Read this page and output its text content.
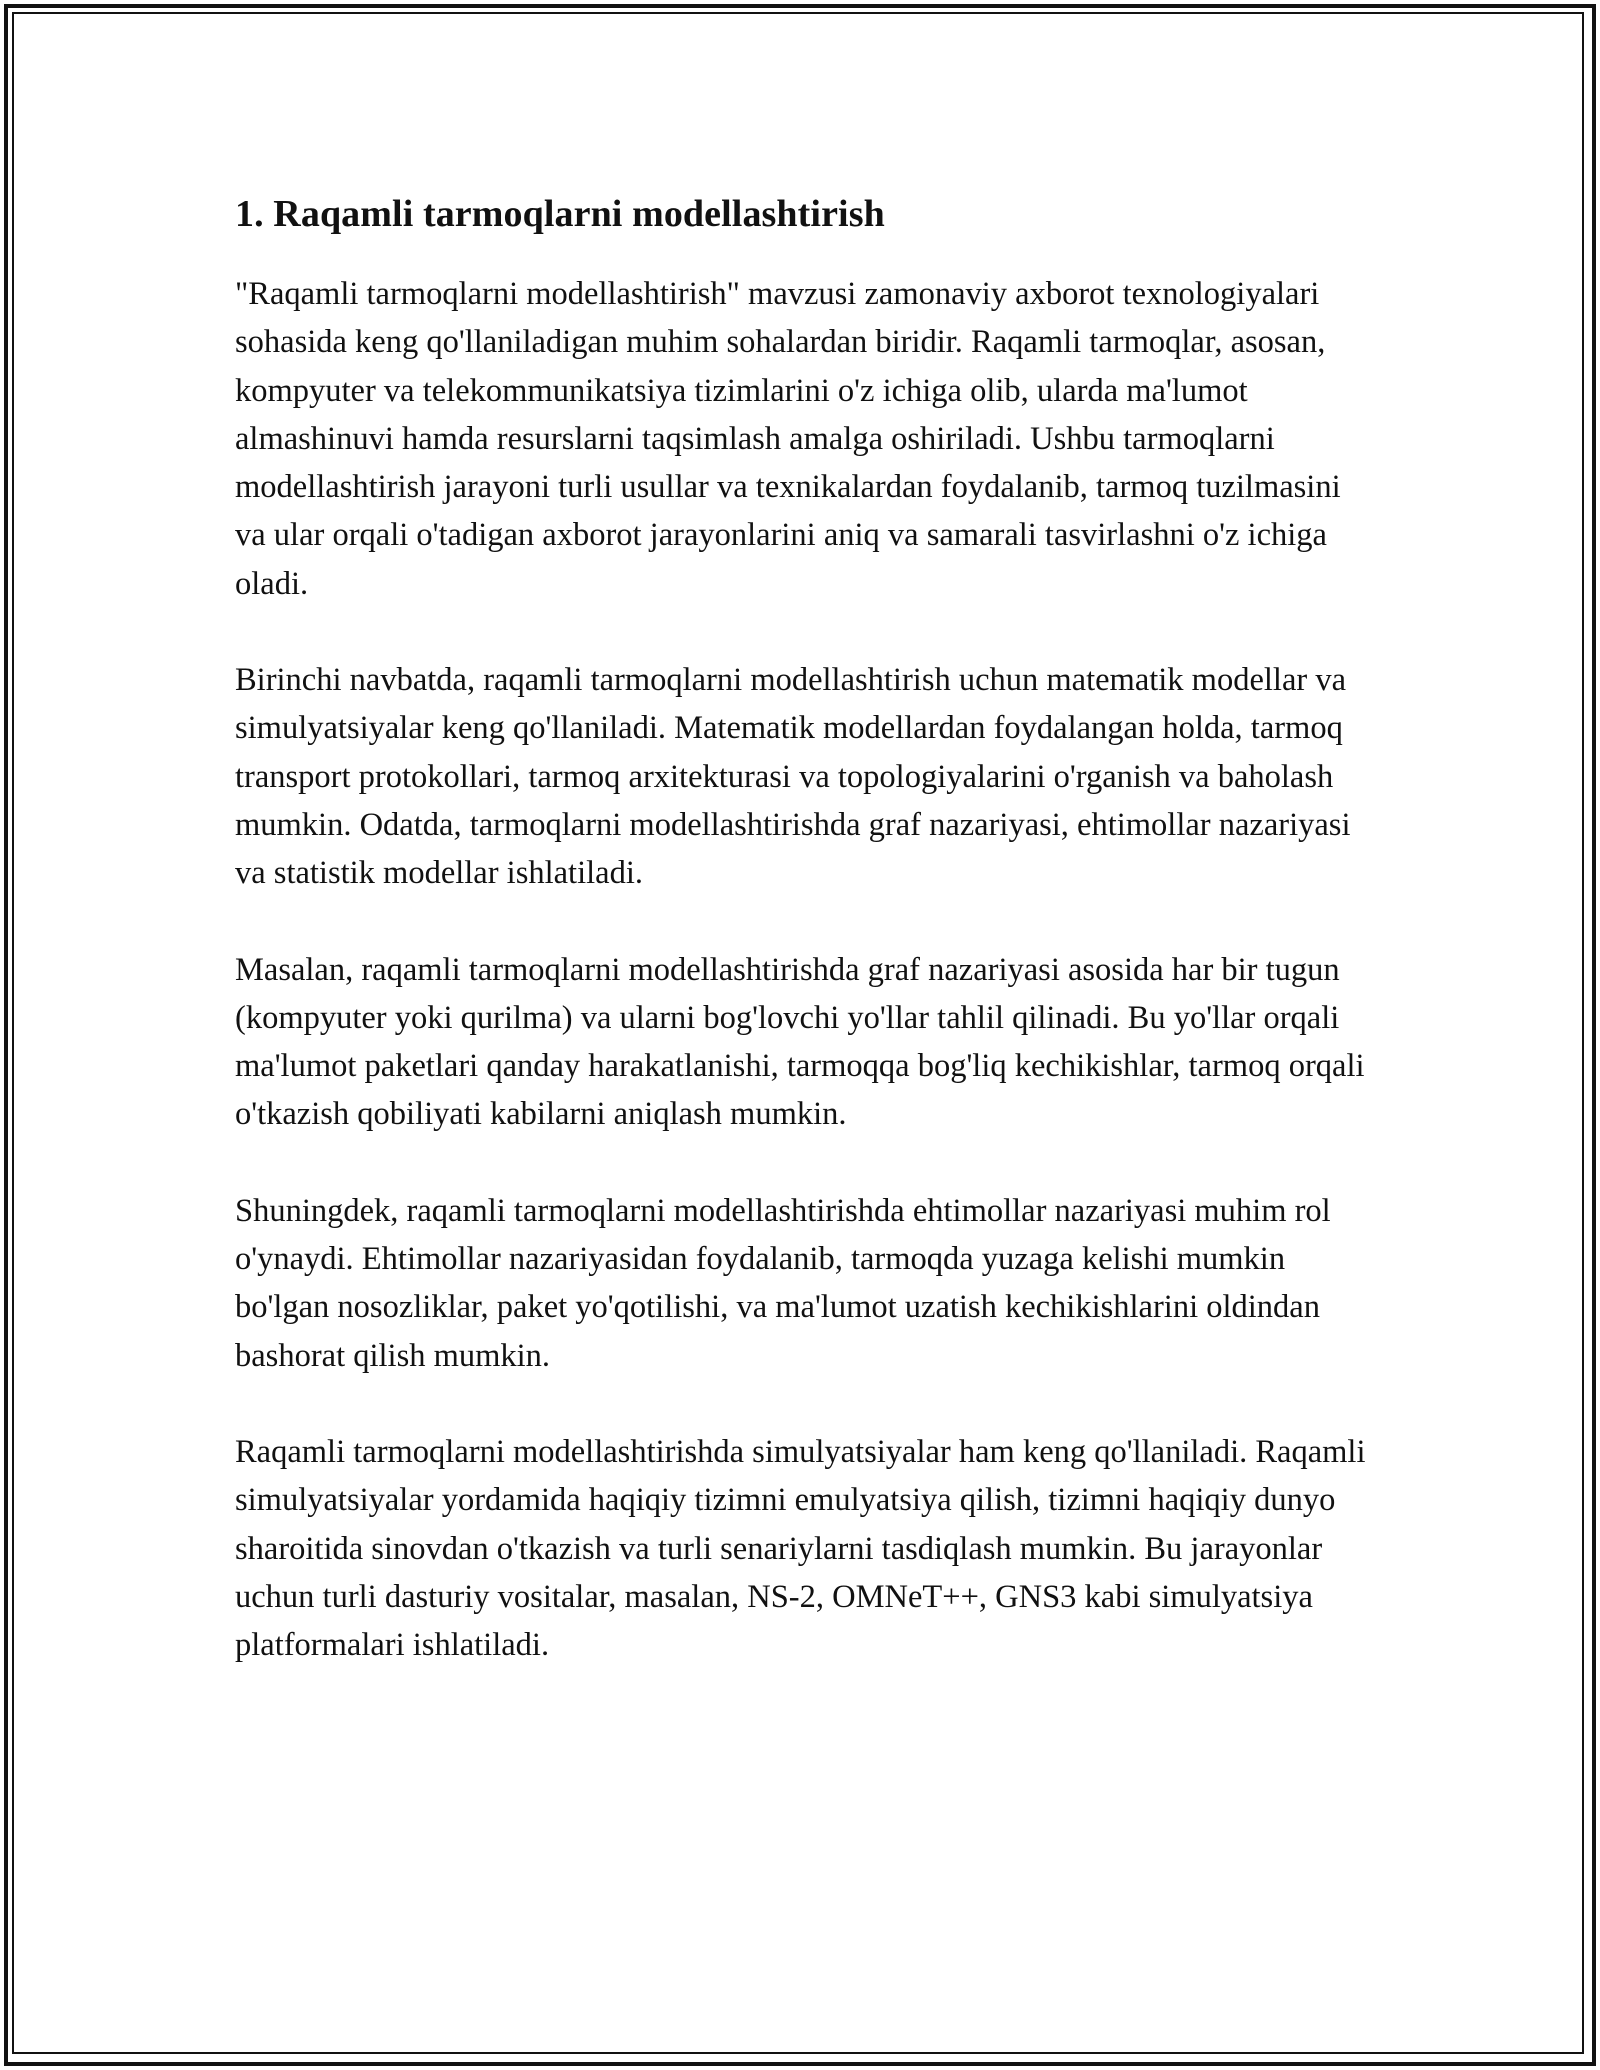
1. Raqamli tarmoqlarni modellashtirish

"Raqamli tarmoqlarni modellashtirish" mavzusi zamonaviy axborot texnologiyalari sohasida keng qo'llaniladigan muhim sohalardan biridir. Raqamli tarmoqlar, asosan, kompyuter va telekommunikatsiya tizimlarini o'z ichiga olib, ularda ma'lumot almashinuvi hamda resurslarni taqsimlash amalga oshiriladi. Ushbu tarmoqlarni modellashtirish jarayoni turli usullar va texnikalardan foydalanib, tarmoq tuzilmasini va ular orqali o'tadigan axborot jarayonlarini aniq va samarali tasvirlashni o'z ichiga oladi.

Birinchi navbatda, raqamli tarmoqlarni modellashtirish uchun matematik modellar va simulyatsiyalar keng qo'llaniladi. Matematik modellardan foydalangan holda, tarmoq transport protokollari, tarmoq arxitekturasi va topologiyalarini o'rganish va baholash mumkin. Odatda, tarmoqlarni modellashtirishda graf nazariyasi, ehtimollar nazariyasi va statistik modellar ishlatiladi.

Masalan, raqamli tarmoqlarni modellashtirishda graf nazariyasi asosida har bir tugun (kompyuter yoki qurilma) va ularni bog'lovchi yo'llar tahlil qilinadi. Bu yo'llar orqali ma'lumot paketlari qanday harakatlanishi, tarmoqqa bog'liq kechikishlar, tarmoq orqali o'tkazish qobiliyati kabilarni aniqlash mumkin.

Shuningdek, raqamli tarmoqlarni modellashtirishda ehtimollar nazariyasi muhim rol o'ynaydi. Ehtimollar nazariyasidan foydalanib, tarmoqda yuzaga kelishi mumkin bo'lgan nosozliklar, paket yo'qotilishi, va ma'lumot uzatish kechikishlarini oldindan bashorat qilish mumkin.

Raqamli tarmoqlarni modellashtirishda simulyatsiyalar ham keng qo'llaniladi. Raqamli simulyatsiyalar yordamida haqiqiy tizimni emulyatsiya qilish, tizimni haqiqiy dunyo sharoitida sinovdan o'tkazish va turli senariylarni tasdiqlash mumkin. Bu jarayonlar uchun turli dasturiy vositalar, masalan, NS-2, OMNeT++, GNS3 kabi simulyatsiya platformalari ishlatiladi.
